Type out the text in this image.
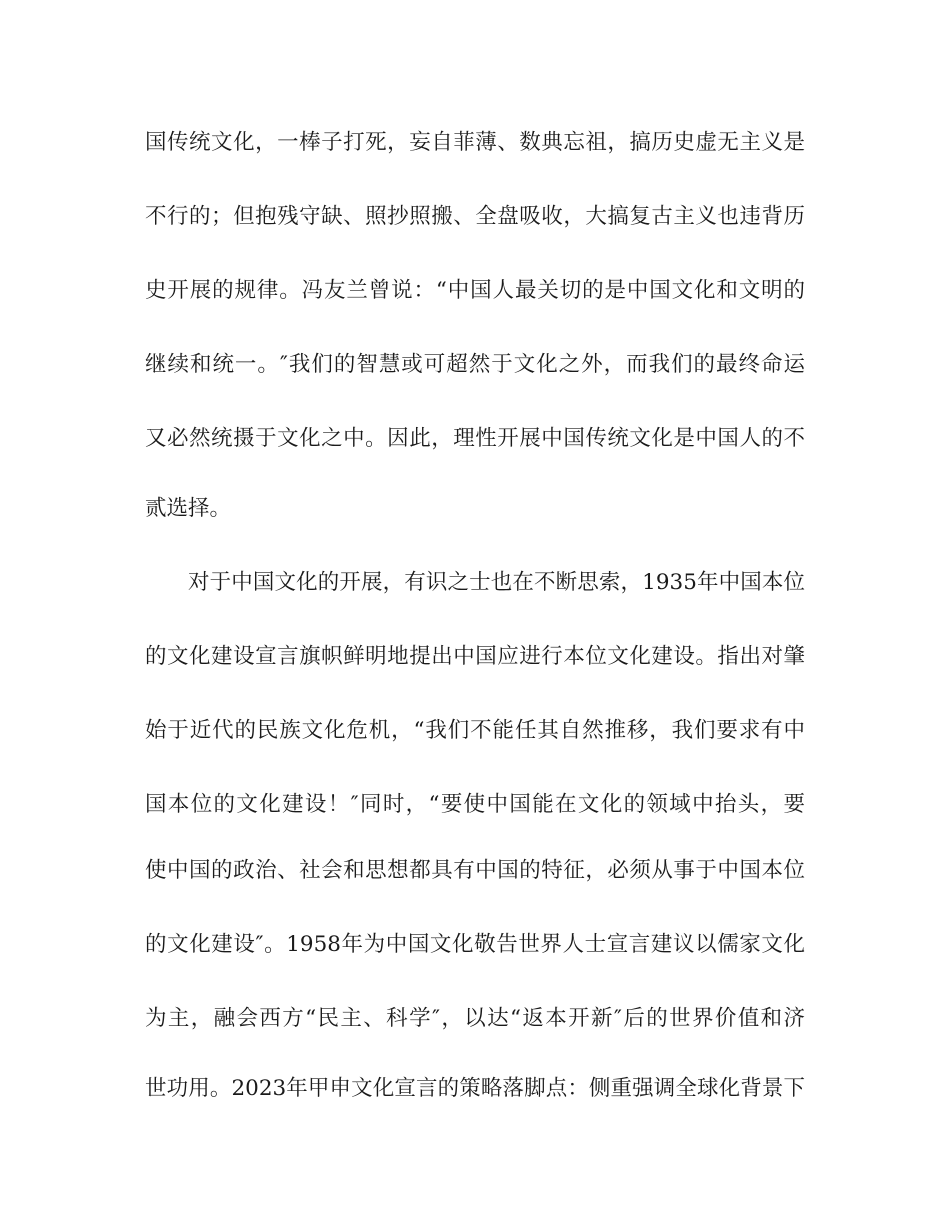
国传统文化，一棒子打死，妄自菲薄、数典忘祖，搞历史虚无主义是
不行的；但抱残守缺、照抄照搬、全盘吸收，大搞复古主义也违背历
史开展的规律。冯友兰曾说：“中国人最关切的是中国文化和文明的
继续和统一。″我们的智慧或可超然于文化之外，而我们的最终命运
又必然统摄于文化之中。因此，理性开展中国传统文化是中国人的不
贰选择。
对于中国文化的开展，有识之士也在不断思索，1935年中国本位
的文化建设宣言旗帜鲜明地提出中国应进行本位文化建设。指出对肇
始于近代的民族文化危机，“我们不能任其自然推移，我们要求有中
国本位的文化建设！″同时，“要使中国能在文化的领域中抬头，要
使中国的政治、社会和思想都具有中国的特征，必须从事于中国本位
的文化建设″。1958年为中国文化敬告世界人士宣言建议以儒家文化
为主，融会西方“民主、科学″，以达“返本开新″后的世界价值和济
世功用。2023年甲申文化宣言的策略落脚点：侧重强调全球化背景下
